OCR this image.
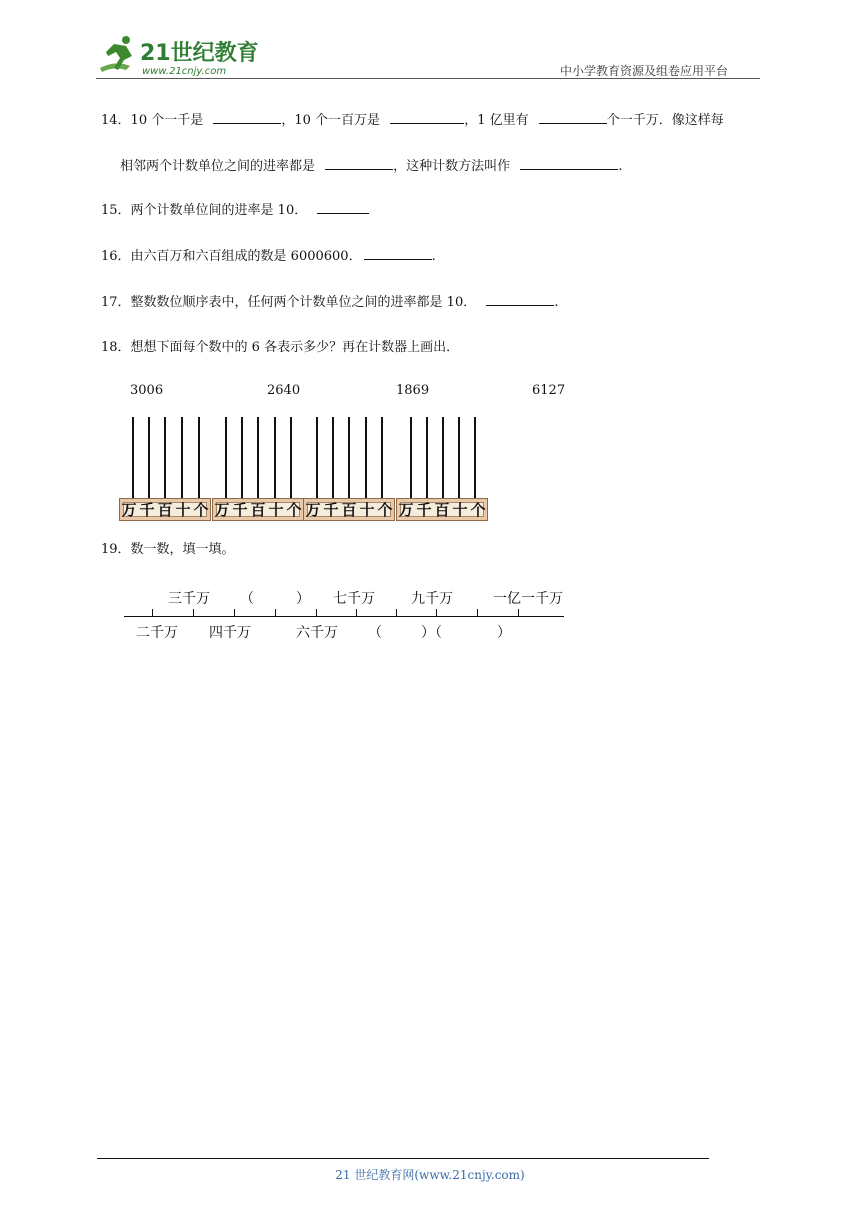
21世纪教育
www.21cnjy.com	中小学教育资源及组卷应用平台
14．10 个一千是	，10 个一百万是	，1 亿里有	个一千万．像这样每
相邻两个计数单位之间的进率都是	，这种计数方法叫作	.
15．两个计数单位间的进率是 10．
16．由六百万和六百组成的数是 6000600．	.
17．整数数位顺序表中，任何两个计数单位之间的进率都是 10．	.
18．想想下面每个数中的 6 各表示多少？再在计数器上画出．
3006	2640	1869	6127
万 千 百 十 个 万 千 百 十 个 万 千 百 十 个 万 千 百 十 个
19．数一数，填一填。
三千万 （	） 七千万	九千万	一亿一千万
二千万 四千万	六千万 （	）（	）
21 世纪教育网(www.21cnjy.com)
